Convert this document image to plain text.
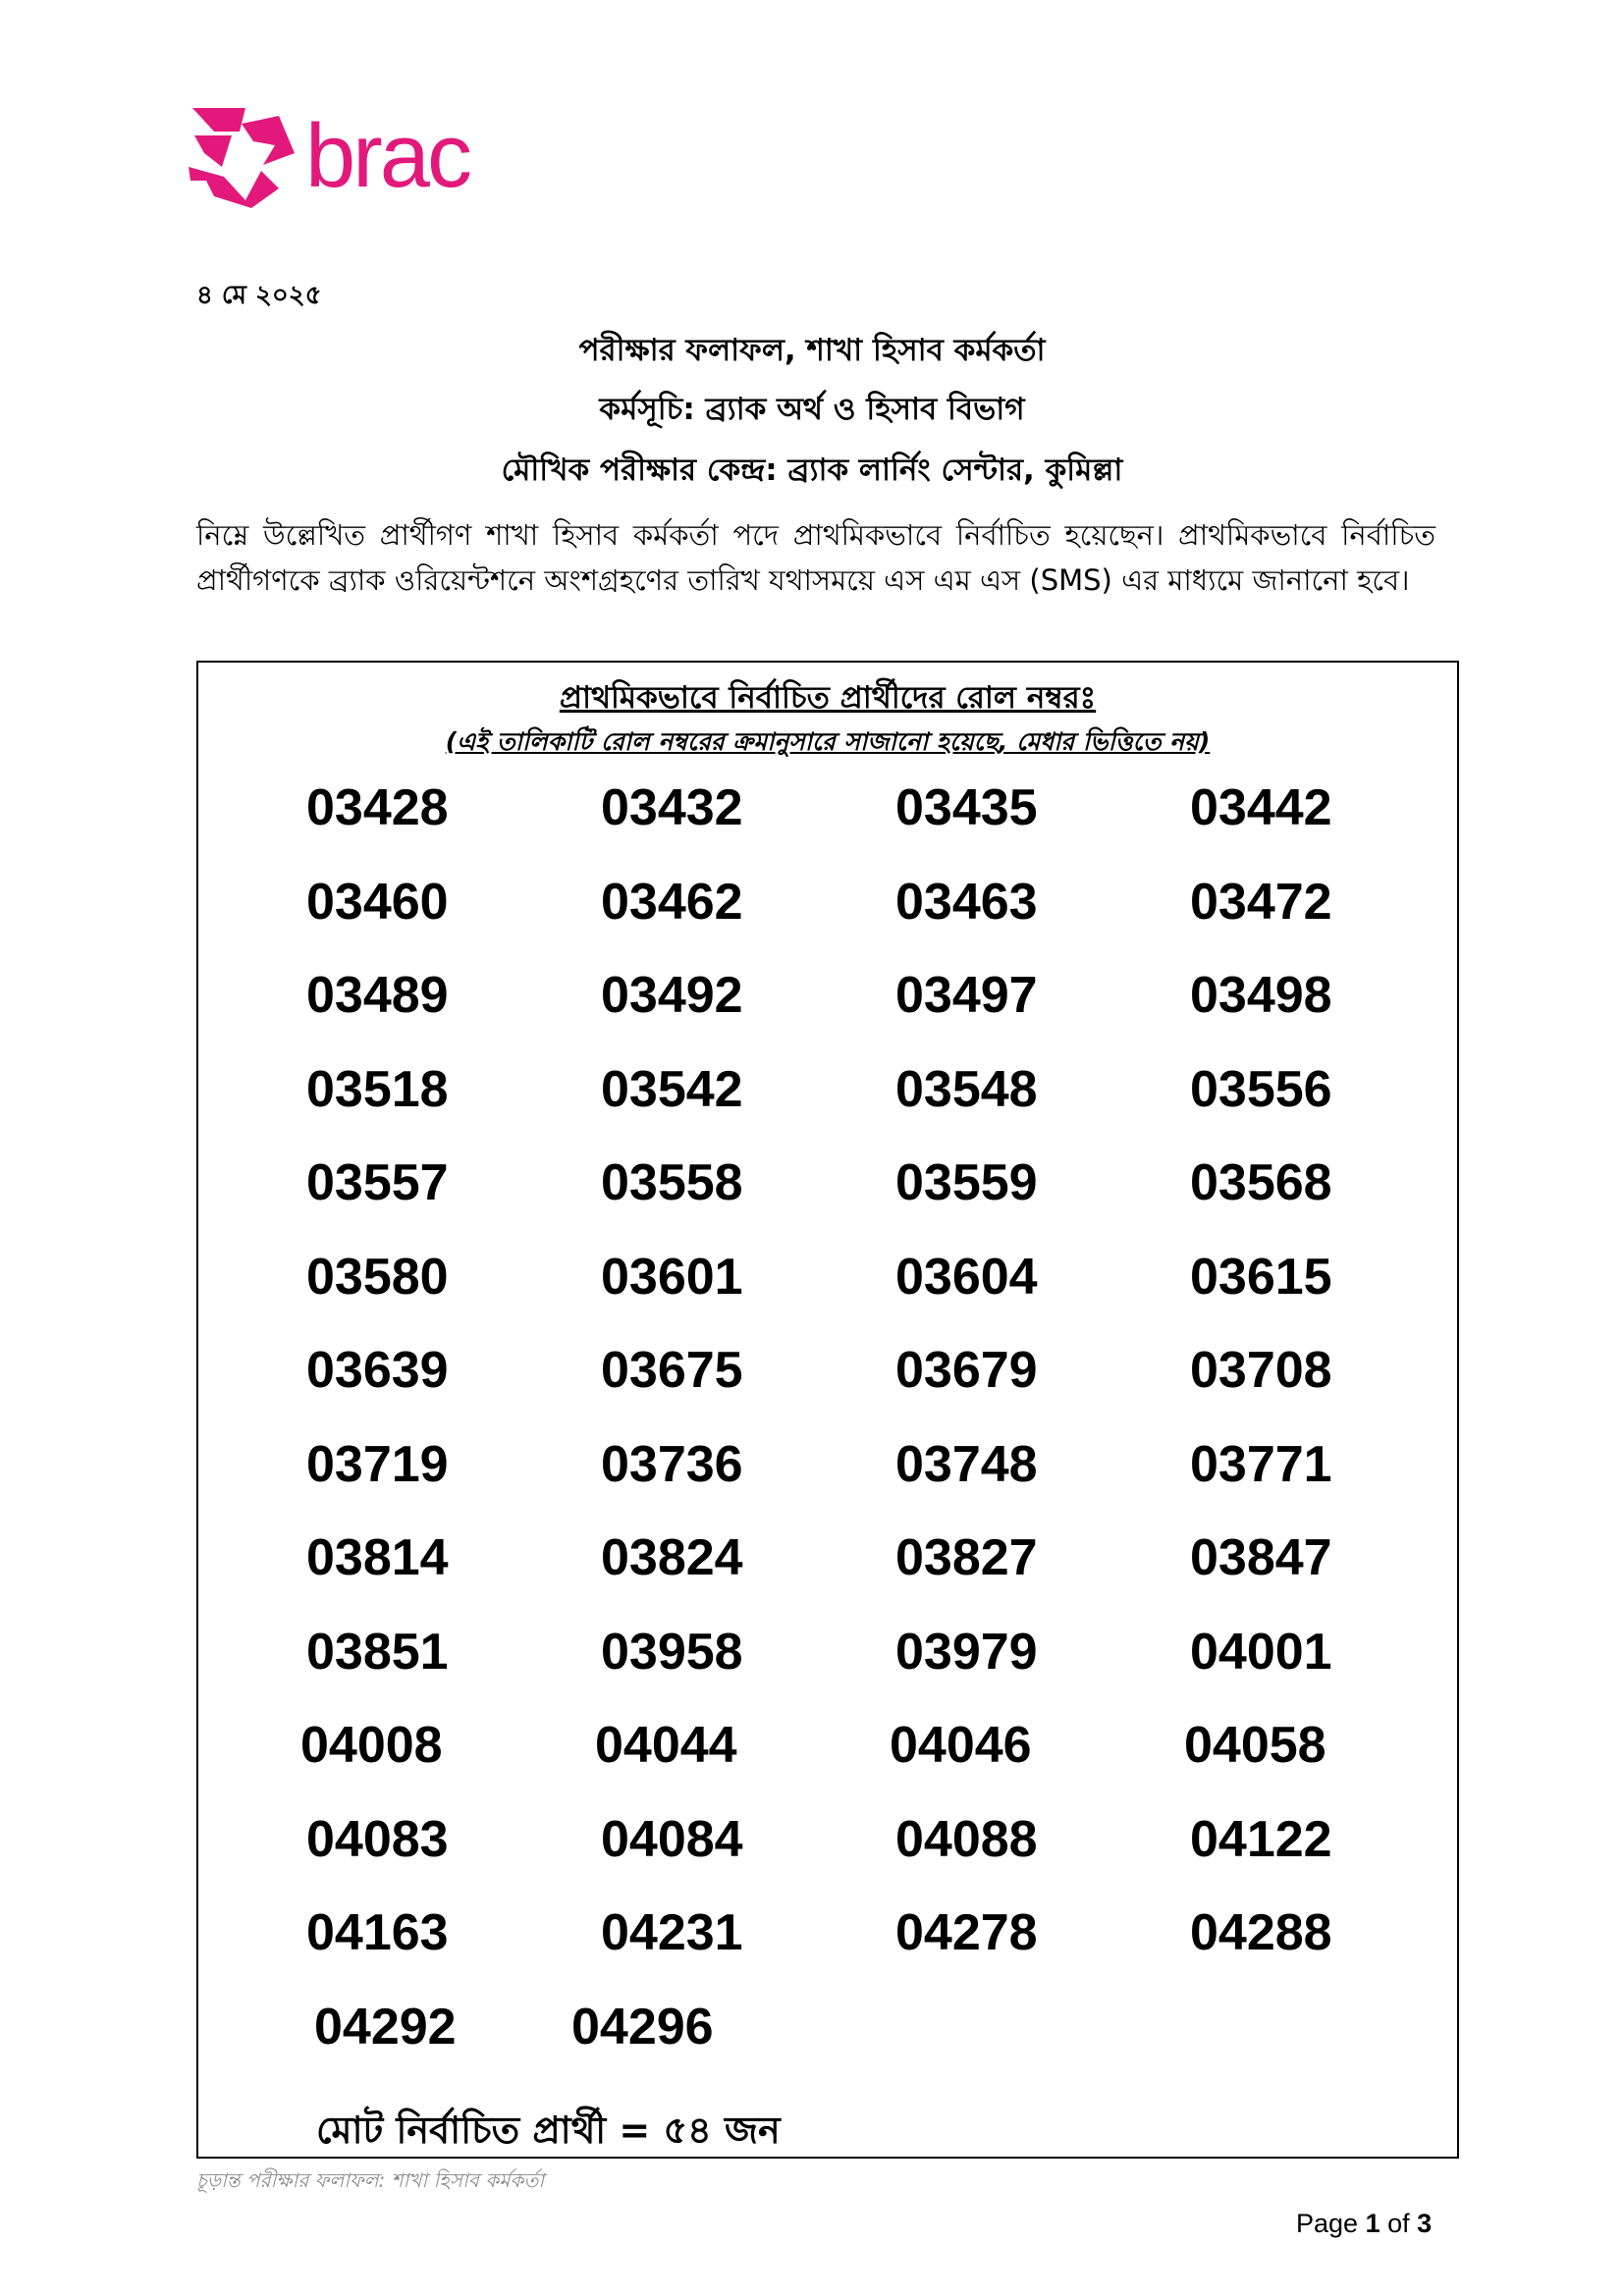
brac
৪ মে ২০২৫
পরীক্ষার ফলাফল, শাখা হিসাব কর্মকর্তা
কর্মসূচি: ব্র্যাক অর্থ ও হিসাব বিভাগ
মৌখিক পরীক্ষার কেন্দ্র: ব্র্যাক লার্নিং সেন্টার, কুমিল্লা
নিম্নে উল্লেখিত প্রার্থীগণ শাখা হিসাব কর্মকর্তা পদে প্রাথমিকভাবে নির্বাচিত হয়েছেন। প্রাথমিকভাবে নির্বাচিত প্রার্থীগণকে ব্র্যাক ওরিয়েন্টশনে অংশগ্রহণের তারিখ যথাসময়ে এস এম এস (SMS) এর মাধ্যমে জানানো হবে।
প্রাথমিকভাবে নির্বাচিত প্রার্থীদের রোল নম্বরঃ
(এই তালিকাটি রোল নম্বরের ক্রমানুসারে সাজানো হয়েছে, মেধার ভিত্তিতে নয়)
03428	03432	03435	03442
03460	03462	03463	03472
03489	03492	03497	03498
03518	03542	03548	03556
03557	03558	03559	03568
03580	03601	03604	03615
03639	03675	03679	03708
03719	03736	03748	03771
03814	03824	03827	03847
03851	03958	03979	04001
04008	04044	04046	04058
04083	04084	04088	04122
04163	04231	04278	04288
04292 04296
মোট নির্বাচিত প্রার্থী = ৫৪ জন
চূড়ান্ত পরীক্ষার ফলাফল: শাখা হিসাব কর্মকর্তা
Page 1 of 3
